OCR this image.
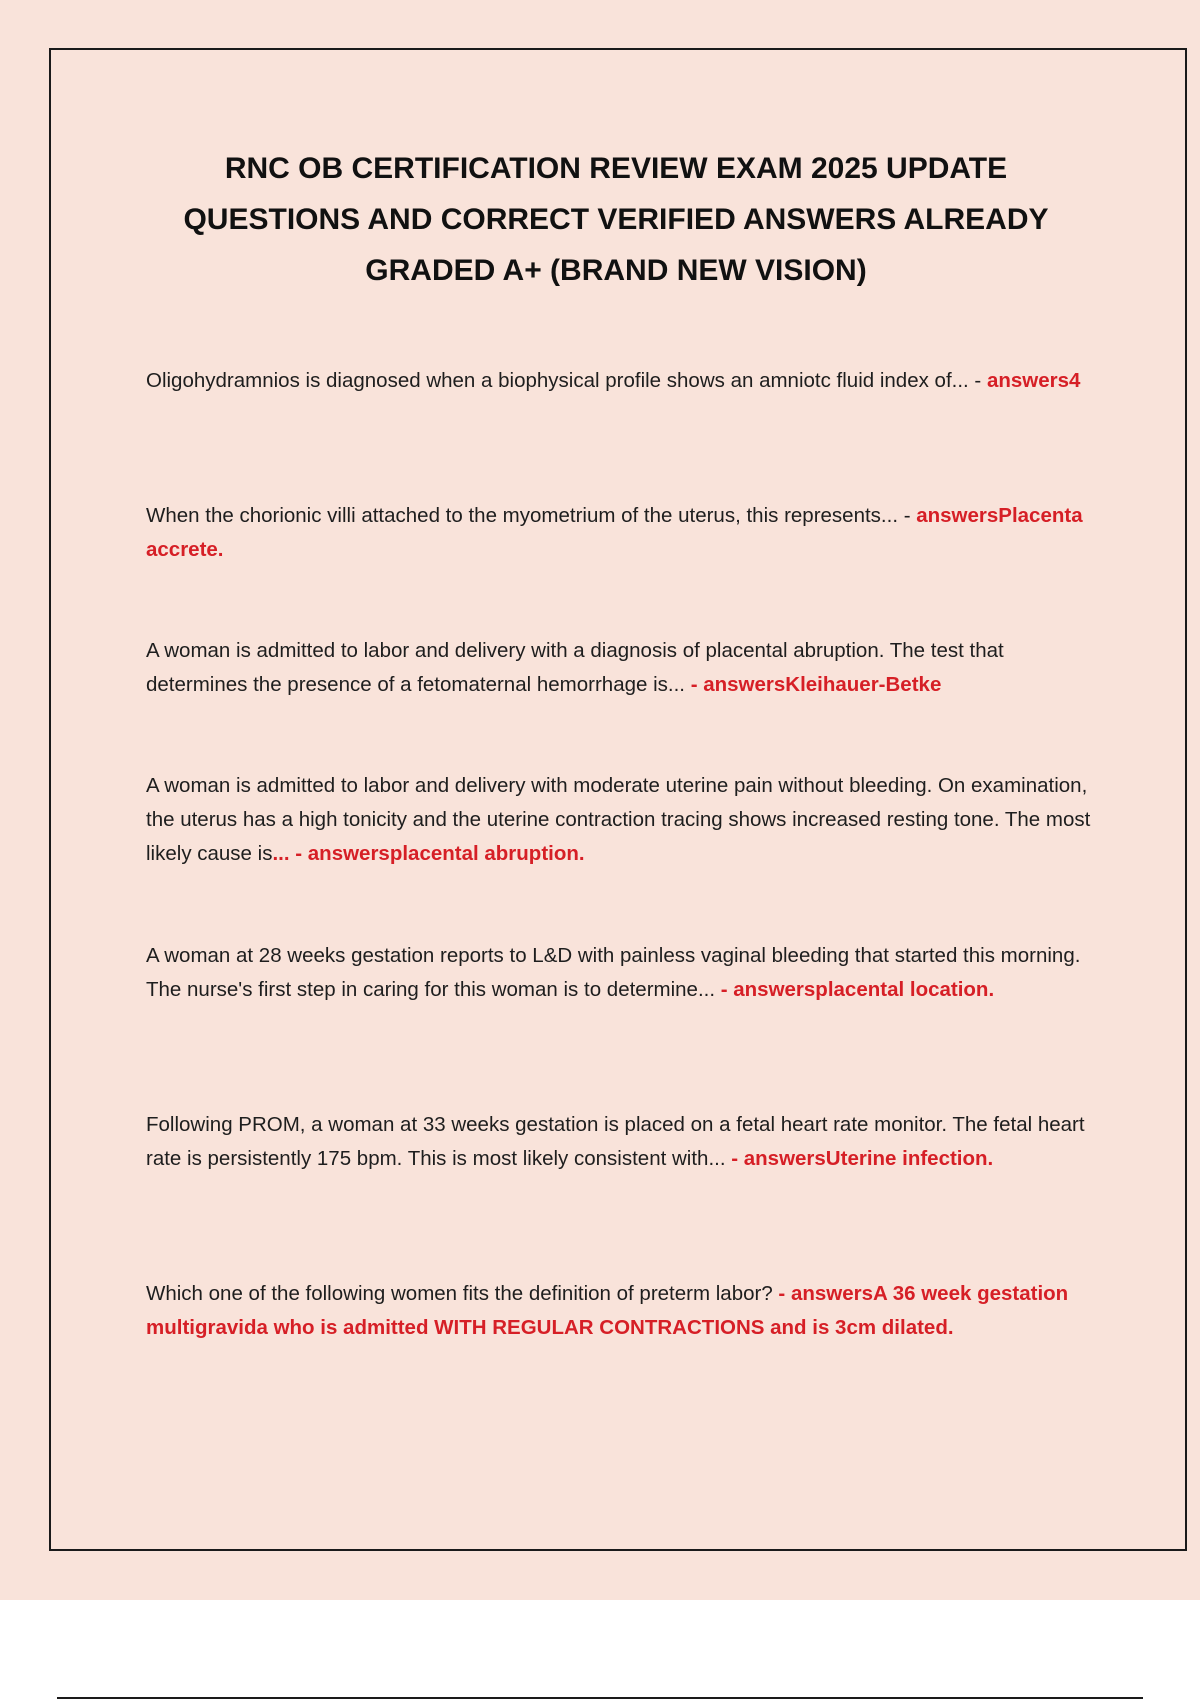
RNC OB CERTIFICATION REVIEW EXAM 2025 UPDATE QUESTIONS AND CORRECT VERIFIED ANSWERS ALREADY GRADED A+ (BRAND NEW VISION)

Oligohydramnios is diagnosed when a biophysical profile shows an amniotc fluid index of... - answers4

When the chorionic villi attached to the myometrium of the uterus, this represents... - answersPlacenta accrete.

A woman is admitted to labor and delivery with a diagnosis of placental abruption. The test that determines the presence of a fetomaternal hemorrhage is... - answersKleihauer-Betke

A woman is admitted to labor and delivery with moderate uterine pain without bleeding. On examination, the uterus has a high tonicity and the uterine contraction tracing shows increased resting tone. The most likely cause is... - answersplacental abruption.

A woman at 28 weeks gestation reports to L&D with painless vaginal bleeding that started this morning. The nurse's first step in caring for this woman is to determine... - answersplacental location.

Following PROM, a woman at 33 weeks gestation is placed on a fetal heart rate monitor. The fetal heart rate is persistently 175 bpm. This is most likely consistent with... - answersUterine infection.

Which one of the following women fits the definition of preterm labor? - answersA 36 week gestation multigravida who is admitted WITH REGULAR CONTRACTIONS and is 3cm dilated.
